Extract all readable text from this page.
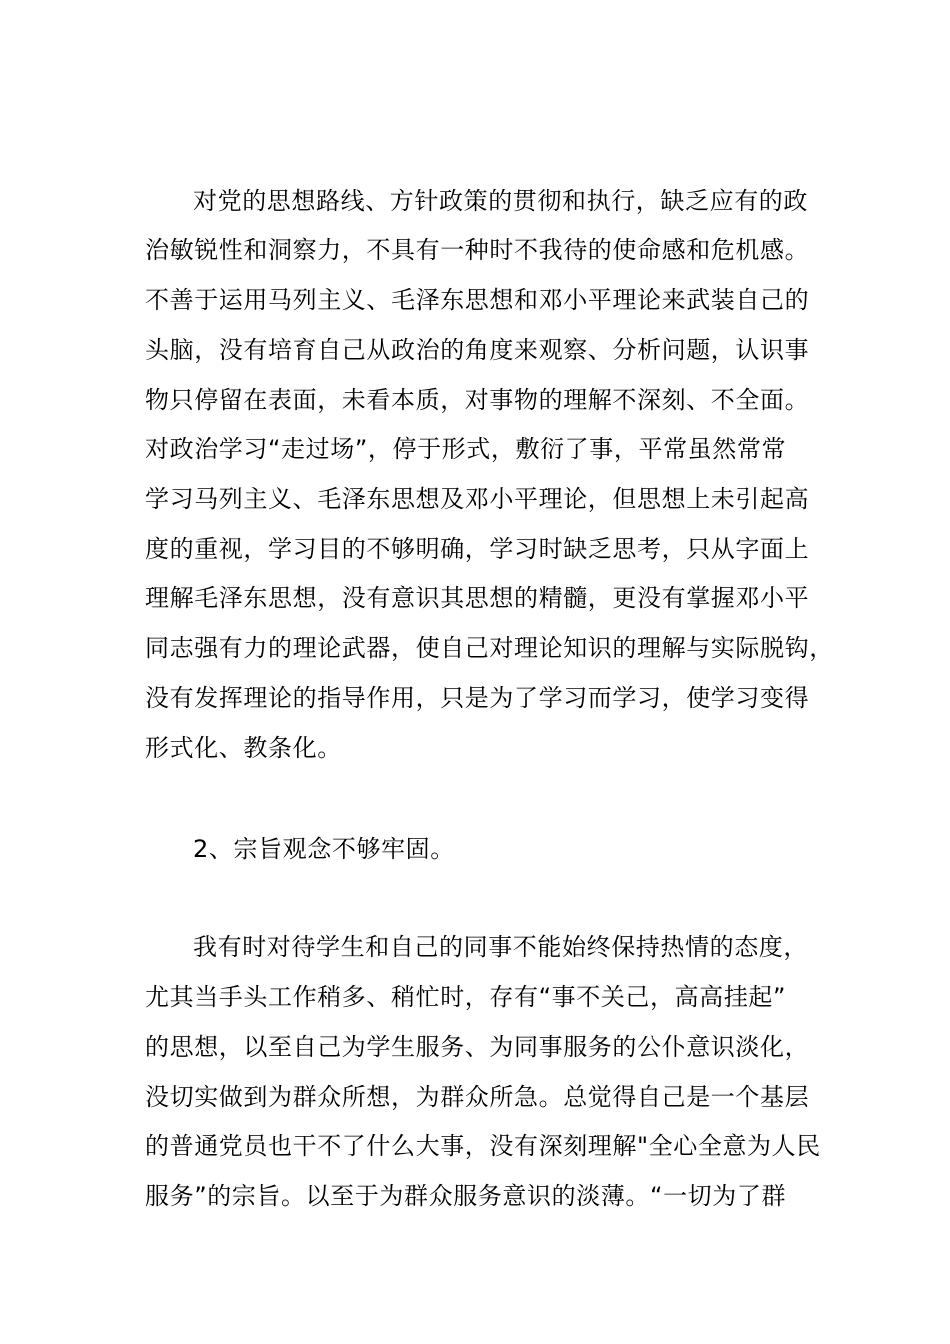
对党的思想路线、方针政策的贯彻和执行，缺乏应有的政
治敏锐性和洞察力，不具有一种时不我待的使命感和危机感。
不善于运用马列主义、毛泽东思想和邓小平理论来武装自己的
头脑，没有培育自己从政治的角度来观察、分析问题，认识事
物只停留在表面，未看本质，对事物的理解不深刻、不全面。
对政治学习“走过场”，停于形式，敷衍了事，平常虽然常常
学习马列主义、毛泽东思想及邓小平理论，但思想上未引起高
度的重视，学习目的不够明确，学习时缺乏思考，只从字面上
理解毛泽东思想，没有意识其思想的精髓，更没有掌握邓小平
同志强有力的理论武器，使自己对理论知识的理解与实际脱钩，
没有发挥理论的指导作用，只是为了学习而学习，使学习变得
形式化、教条化。
2、宗旨观念不够牢固。
我有时对待学生和自己的同事不能始终保持热情的态度，
尤其当手头工作稍多、稍忙时，存有“事不关己，高高挂起”
的思想，以至自己为学生服务、为同事服务的公仆意识淡化，
没切实做到为群众所想，为群众所急。总觉得自己是一个基层
的普通党员也干不了什么大事，没有深刻理解"全心全意为人民
服务”的宗旨。以至于为群众服务意识的淡薄。“一切为了群
